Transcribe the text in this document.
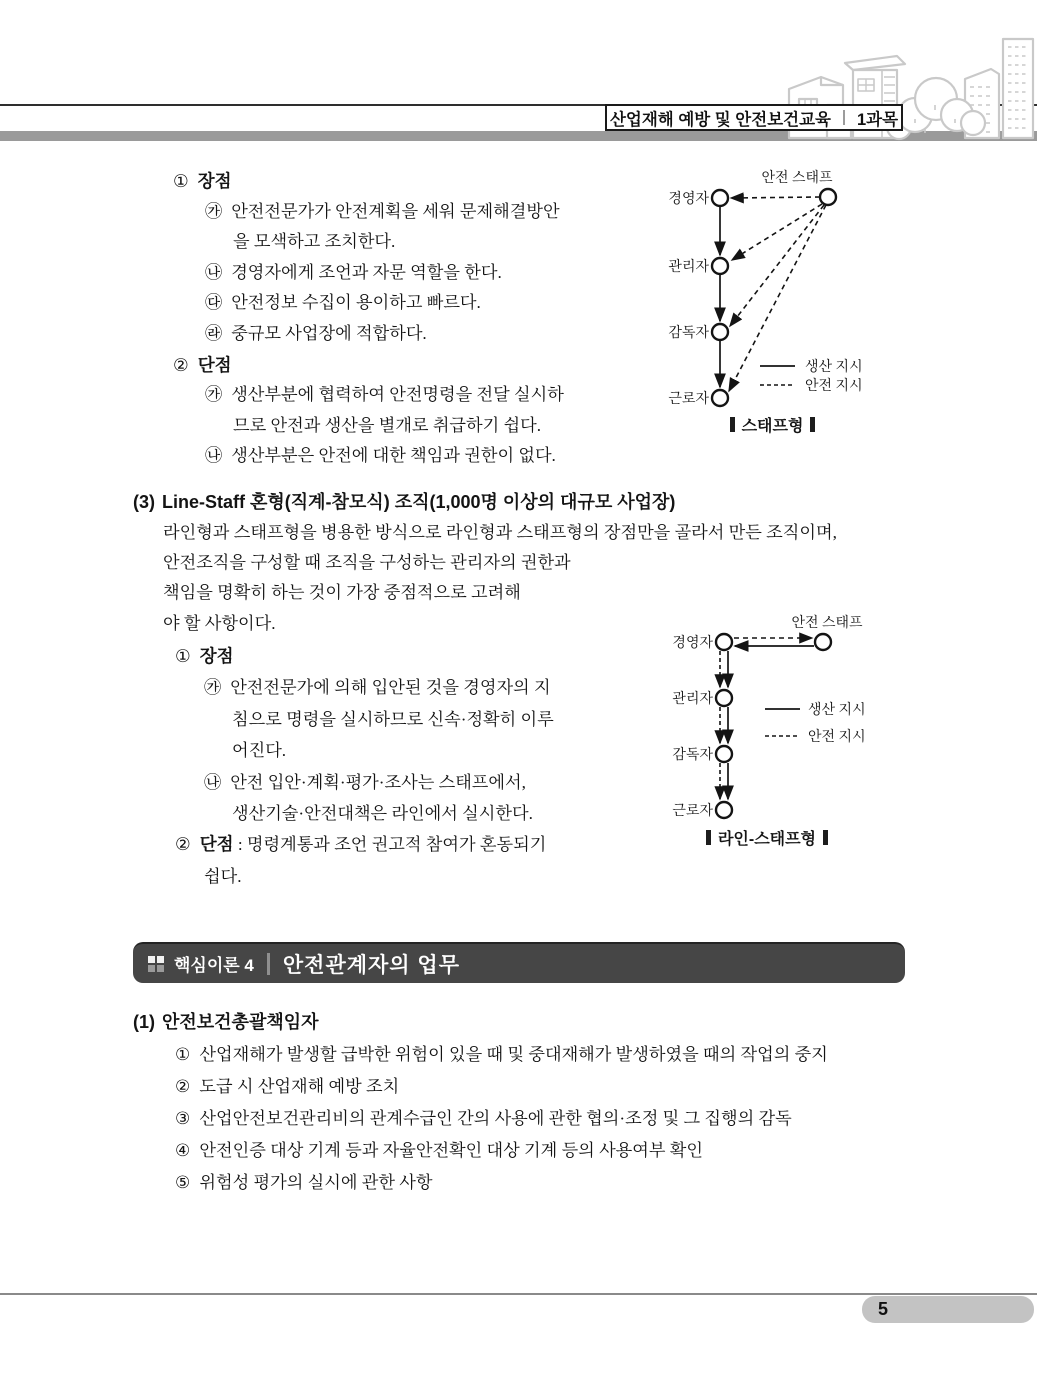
산업재해 예방 및 안전보건교육 1과목
① 장점
㉮ 안전전문가가 안전계획을 세워 문제해결방안
을 모색하고 조치한다.
㉯ 경영자에게 조언과 자문 역할을 한다.
㉰ 안전정보 수집이 용이하고 빠르다.
㉱ 중규모 사업장에 적합하다.
② 단점
㉮ 생산부분에 협력하여 안전명령을 전달 실시하
므로 안전과 생산을 별개로 취급하기 쉽다.
㉯ 생산부분은 안전에 대한 책임과 권한이 없다.
안전 스태프
경영자
관리자
감독자
근로자
생산 지시
안전 지시
스태프형
(3) Line-Staff 혼형(직계-참모식) 조직(1,000명 이상의 대규모 사업장)
라인형과 스태프형을 병용한 방식으로 라인형과 스태프형의 장점만을 골라서 만든 조직이며,
안전조직을 구성할 때 조직을 구성하는 관리자의 권한과
책임을 명확히 하는 것이 가장 중점적으로 고려해
야 할 사항이다.
① 장점
㉮ 안전전문가에 의해 입안된 것을 경영자의 지
침으로 명령을 실시하므로 신속·정확히 이루
어진다.
㉯ 안전 입안·계획·평가·조사는 스태프에서,
생산기술·안전대책은 라인에서 실시한다.
② 단점 : 명령계통과 조언 권고적 참여가 혼동되기
쉽다.
안전 스태프
경영자
관리자
감독자
근로자
생산 지시
안전 지시
라인-스태프형
핵심이론 4 안전관계자의 업무
(1) 안전보건총괄책임자
① 산업재해가 발생할 급박한 위험이 있을 때 및 중대재해가 발생하였을 때의 작업의 중지
② 도급 시 산업재해 예방 조치
③ 산업안전보건관리비의 관계수급인 간의 사용에 관한 협의·조정 및 그 집행의 감독
④ 안전인증 대상 기계 등과 자율안전확인 대상 기계 등의 사용여부 확인
⑤ 위험성 평가의 실시에 관한 사항
5
